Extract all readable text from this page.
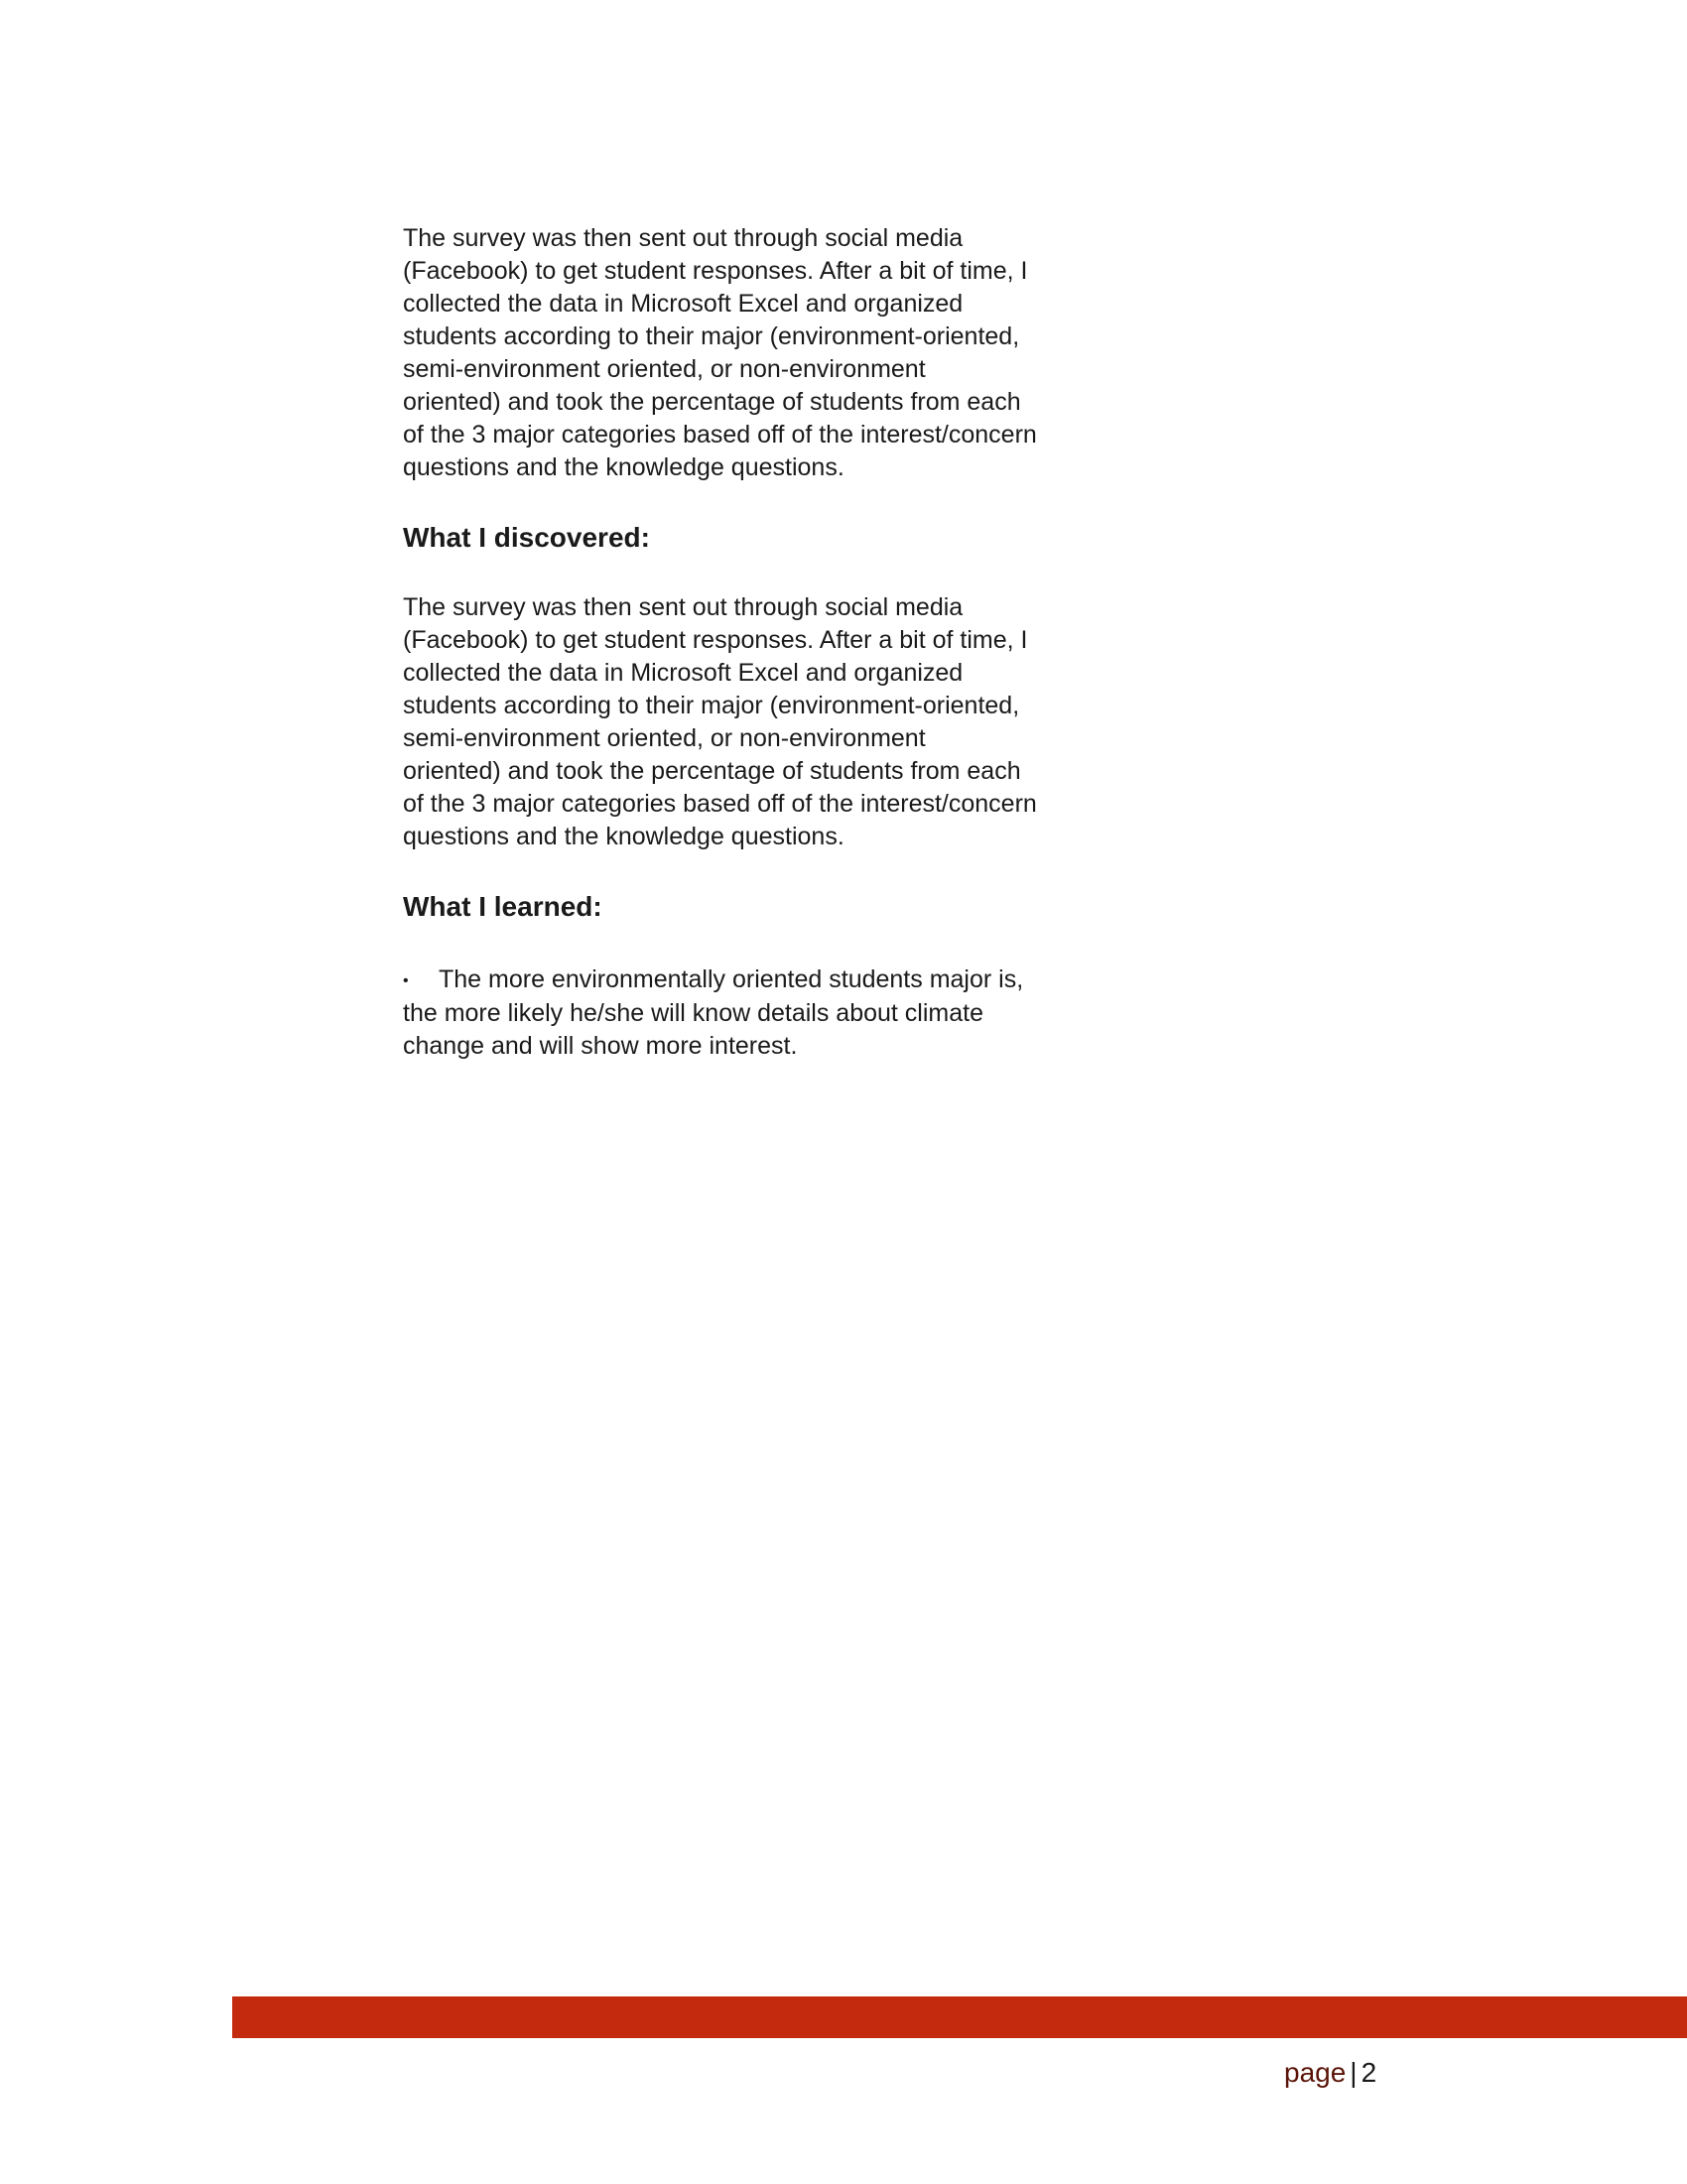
The survey was then sent out through social media
(Facebook) to get student responses. After a bit of time, I
collected the data in Microsoft Excel and organized
students according to their major (environment-oriented,
semi-environment oriented, or non-environment
oriented) and took the percentage of students from each
of the 3 major categories based off of the interest/concern
questions and the knowledge questions.

What I discovered:

The survey was then sent out through social media
(Facebook) to get student responses. After a bit of time, I
collected the data in Microsoft Excel and organized
students according to their major (environment-oriented,
semi-environment oriented, or non-environment
oriented) and took the percentage of students from each
of the 3 major categories based off of the interest/concern
questions and the knowledge questions.

What I learned:
• The more environmentally oriented students major is,
the more likely he/she will know details about climate
change and will show more interest.
page | 2
